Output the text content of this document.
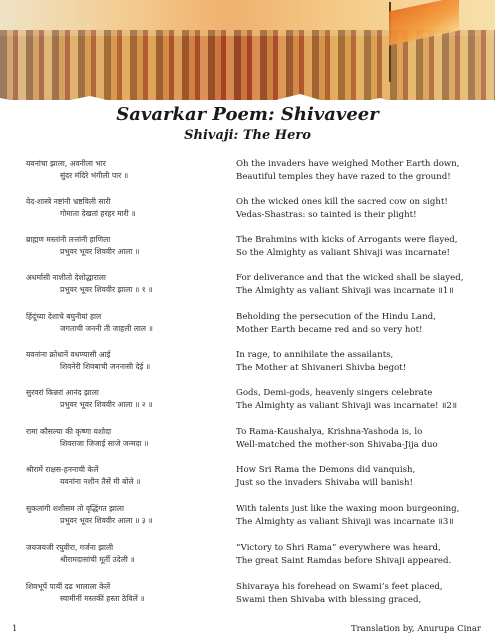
Savarkar Poem: Shivaveer
Shivaji: The Hero
यवनांचा झाला, अवनीला भार
सुंदर मंदिरे भंगीली पार ॥
Oh the invaders have weighed Mother Earth down,
Beautiful temples they have razed to the ground!
वेद-शास्त्रे नष्टांनी भ्रष्टविली सारी
गोमाता देखतां हरहर मारी ॥
Oh the wicked ones kill the sacred cow on sight!
Vedas-Shastras: so tainted is their plight!
ब्राह्मण मस्तांनी लत्तांनी हाणिला
प्रभुवर भूवर शिववीर आला ॥
The Brahmins with kicks of Arrogants were flayed,
So the Almighty as valiant Shivaji was incarnate!
अधर्मासी नाशीतो देशोद्धाराला
प्रभुवर भूवर शिववीर झाला ॥ १ ॥
For deliverance and that the wicked shall be slayed,
The Almighty as valiant Shivaji was incarnate ॥1॥
हिंदूंच्या देशाचे बघुनीयां हाल
जगताची जननी ती जाहली लाल ॥
Beholding the persecution of the Hindu Land,
Mother Earth became red and so very hot!
यवनांना क्रोधानें वधण्यासी आई
शिवनेरी शिवबाची जननासी देई ॥
In rage, to annihilate the assailants,
The Mother at Shivaneri Shivba begot!
सुरवरां किन्नरां आनंद झाला
प्रभुवर भूवर शिववीर आला ॥ २ ॥
Gods, Demi-gods, heavenly singers celebrate
The Almighty as valiant Shivaji was incarnate! ॥2॥
रामा कौसल्या की कृष्णा यशोदा
शिवराजा जिजाई साजे जन्मदा ॥
To Rama-Kaushalya, Krishna-Yashoda is, lo
Well-matched the mother-son Shivaba-Jija duo
श्रीरामें राक्षस-हननाची केलें
यवनांना नशीन तैसें मी बोले ॥
How Sri Rama the Demons did vanquish,
Just so the invaders Shivaba will banish!
सुकलांगी शशीसम तो वृद्धिंगत झाला
प्रभुवर भूवर शिववीर आला ॥ ३ ॥
With talents just like the waxing moon burgeoning,
The Almighty as valiant Shivaji was incarnate ॥3॥
जयजयजी रघुवीरा, गर्जना झाली
श्रीरामदासांची मूर्ती उदेली ॥
“Victory to Shri Rama” everywhere was heard,
The great Saint Ramdas before Shivaji appeared.
शिवभूपें पायीं दढ भालाला केलें
स्वामीनीं मस्तकीं हस्ता ठेविलें ॥
Shivaraya his forehead on Swami’s feet placed,
Swami then Shivaba with blessing graced,
1	Translation by, Anurupa Cinar
